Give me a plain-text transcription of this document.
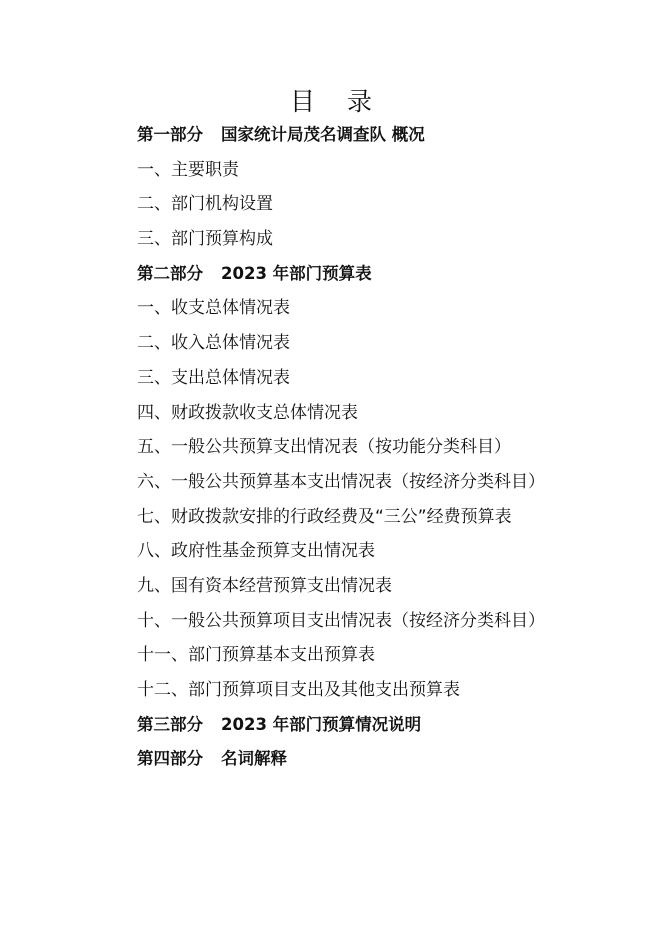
目 录
第一部分 国家统计局茂名调查队 概况
一、主要职责
二、部门机构设置
三、部门预算构成
第二部分 2023 年部门预算表
一、收支总体情况表
二、收入总体情况表
三、支出总体情况表
四、财政拨款收支总体情况表
五、一般公共预算支出情况表（按功能分类科目）
六、一般公共预算基本支出情况表（按经济分类科目）
七、财政拨款安排的行政经费及“三公”经费预算表
八、政府性基金预算支出情况表
九、国有资本经营预算支出情况表
十、一般公共预算项目支出情况表（按经济分类科目）
十一、部门预算基本支出预算表
十二、部门预算项目支出及其他支出预算表
第三部分 2023 年部门预算情况说明
第四部分 名词解释
